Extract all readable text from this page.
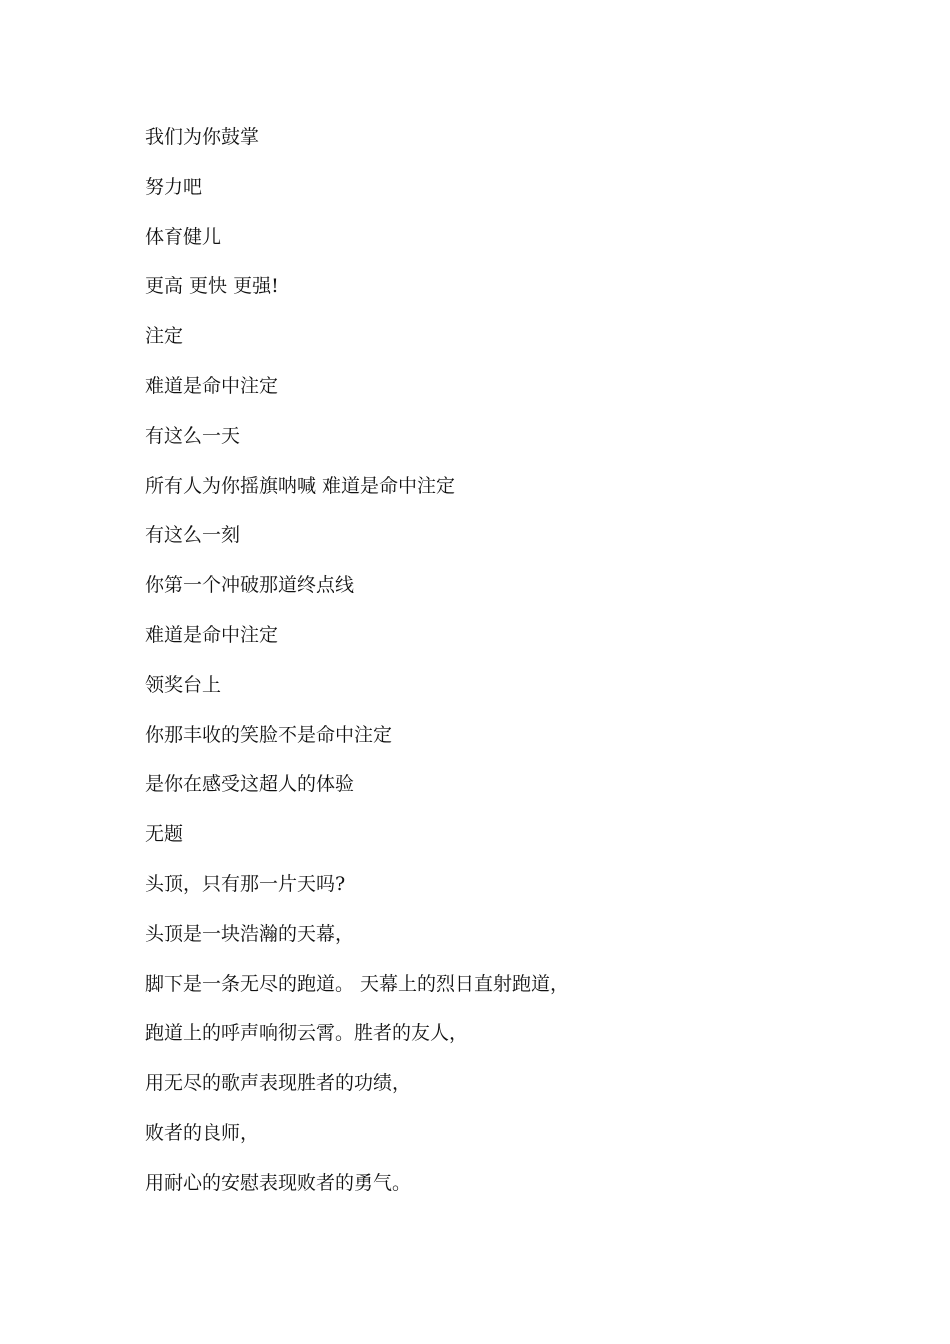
我们为你鼓掌
努力吧
体育健儿
更高 更快 更强!
注定
难道是命中注定
有这么一天
所有人为你摇旗呐喊 难道是命中注定
有这么一刻
你第一个冲破那道终点线
难道是命中注定
领奖台上
你那丰收的笑脸不是命中注定
是你在感受这超人的体验
无题
头顶，只有那一片天吗?
头顶是一块浩瀚的天幕，
脚下是一条无尽的跑道。 天幕上的烈日直射跑道，
跑道上的呼声响彻云霄。胜者的友人，
用无尽的歌声表现胜者的功绩，
败者的良师，
用耐心的安慰表现败者的勇气。
